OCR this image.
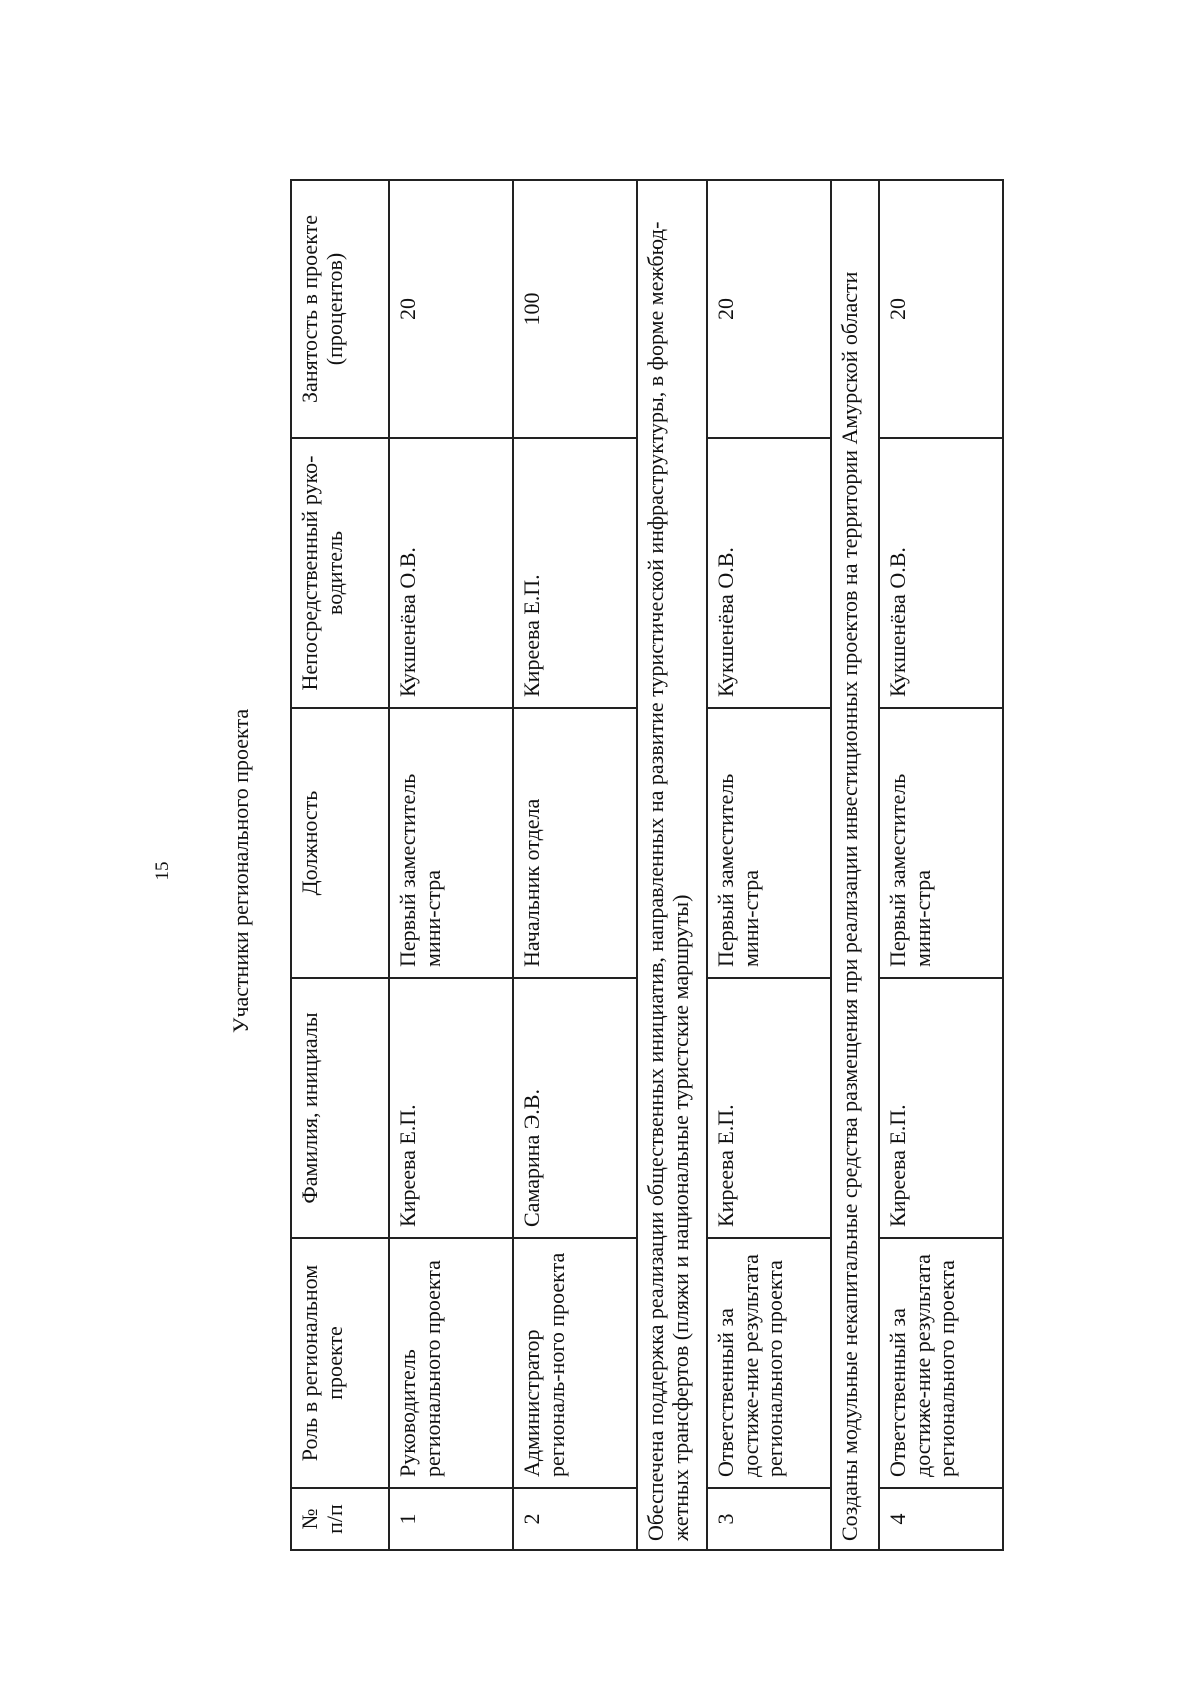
15	Участники регионального проекта
№ п/п	Роль в региональном проекте	Фамилия, инициалы	Должность	Непосредственный руко-водитель	Занятость в проекте (процентов)
1	Руководитель регионального проекта	Киреева Е.П.	Первый заместитель мини-стра	Кукшенёва О.В.	20
2	Администратор региональ-ного проекта	Самарина Э.В.	Начальник отдела	Киреева Е.П.	100
Обеспечена поддержка реализации общественных инициатив, направленных на развитие туристической инфраструктуры, в форме межбюд-жетных трансфертов (пляжи и национальные туристские маршруты)					
3	Ответственный за достиже-ние результата регионального проекта	Киреева Е.П.	Первый заместитель мини-стра	Кукшенёва О.В.	20
Созданы модульные некапитальные средства размещения при реализации инвестиционных проектов на территории Амурской области					
4	Ответственный за достиже-ние результата регионального проекта	Киреева Е.П.	Первый заместитель мини-стра	Кукшенёва О.В.	20
